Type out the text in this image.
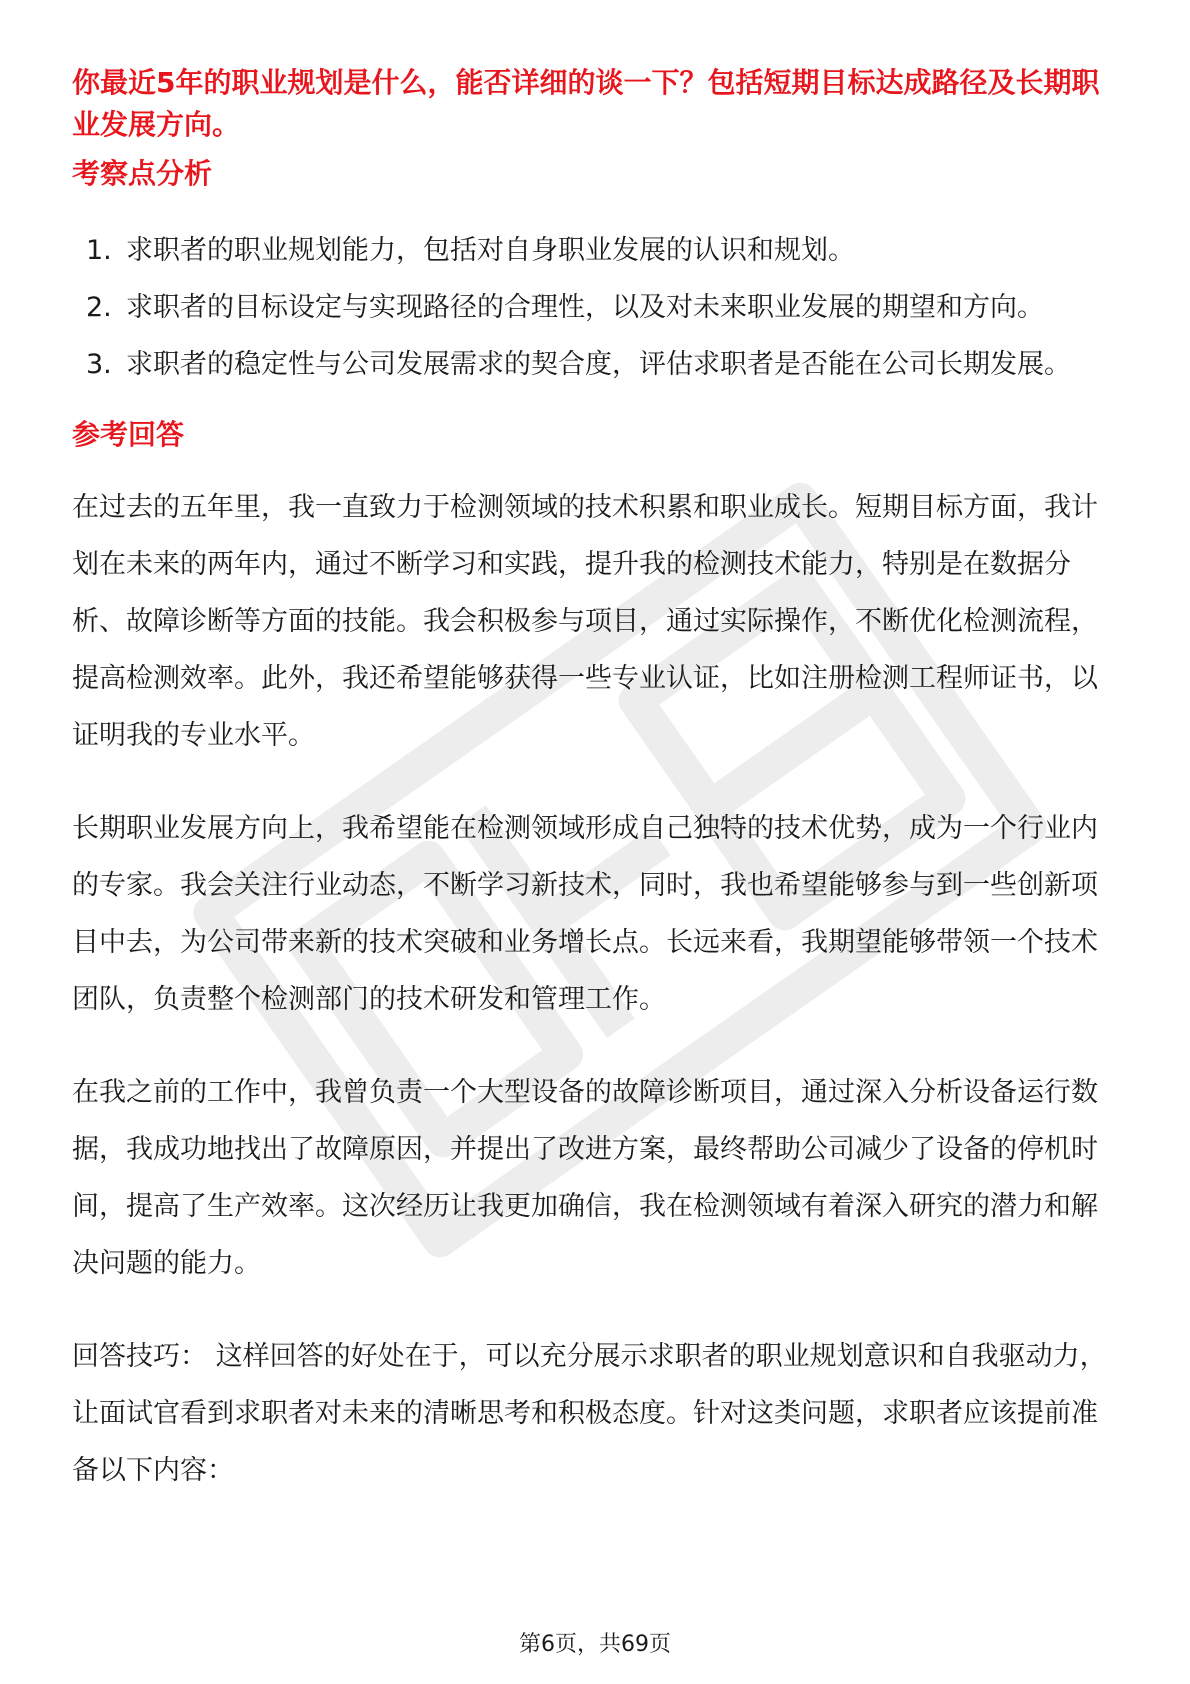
你最近5年的职业规划是什么，能否详细的谈一下？包括短期目标达成路径及长期职业发展方向。

考察点分析

1. 求职者的职业规划能力，包括对自身职业发展的认识和规划。
2. 求职者的目标设定与实现路径的合理性，以及对未来职业发展的期望和方向。
3. 求职者的稳定性与公司发展需求的契合度，评估求职者是否能在公司长期发展。

参考回答

在过去的五年里，我一直致力于检测领域的技术积累和职业成长。短期目标方面，我计划在未来的两年内，通过不断学习和实践，提升我的检测技术能力，特别是在数据分析、故障诊断等方面的技能。我会积极参与项目，通过实际操作，不断优化检测流程，提高检测效率。此外，我还希望能够获得一些专业认证，比如注册检测工程师证书，以证明我的专业水平。

长期职业发展方向上，我希望能在检测领域形成自己独特的技术优势，成为一个行业内的专家。我会关注行业动态，不断学习新技术，同时，我也希望能够参与到一些创新项目中去，为公司带来新的技术突破和业务增长点。长远来看，我期望能够带领一个技术团队，负责整个检测部门的技术研发和管理工作。

在我之前的工作中，我曾负责一个大型设备的故障诊断项目，通过深入分析设备运行数据，我成功地找出了故障原因，并提出了改进方案，最终帮助公司减少了设备的停机时间，提高了生产效率。这次经历让我更加确信，我在检测领域有着深入研究的潜力和解决问题的能力。

回答技巧： 这样回答的好处在于，可以充分展示求职者的职业规划意识和自我驱动力，让面试官看到求职者对未来的清晰思考和积极态度。针对这类问题，求职者应该提前准备以下内容：

第6页，共69页
